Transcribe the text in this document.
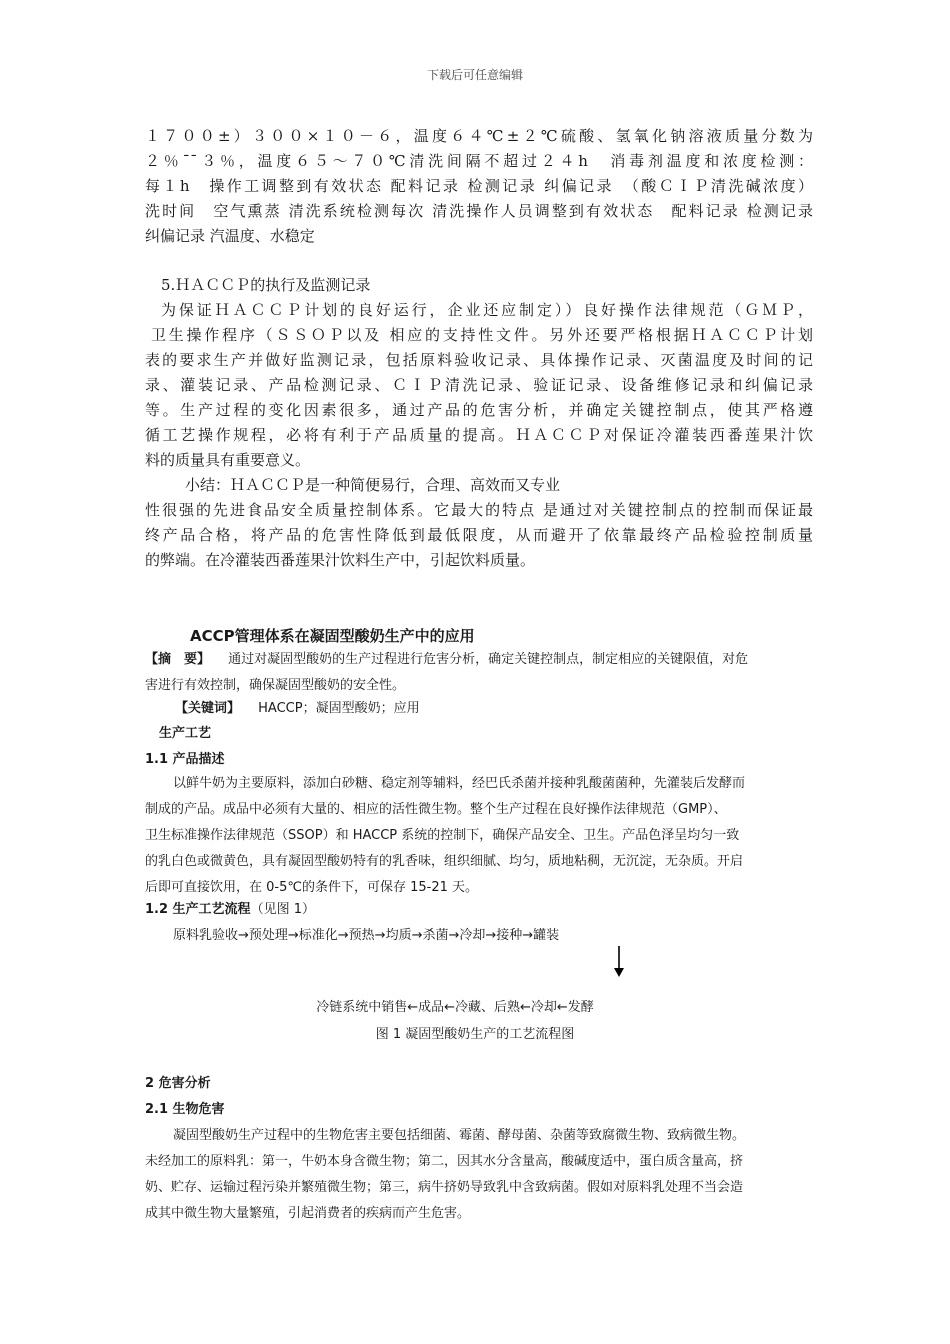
下载后可任意编辑
１７００±）３００×１０－６，温度６４℃±２℃硫酸、氢氧化钠溶液质量分数为
２％¯¯３％，温度６５～７０℃清洗间隔不超过２４h　消毒剂温度和浓度检测：
每１h　操作工调整到有效状态 配料记录 检测记录 纠偏记录　（酸ＣＩＰ清洗碱浓度）
洗时间　空气熏蒸 清洗系统检测每次 清洗操作人员调整到有效状态　配料记录 检测记录
纠偏记录 汽温度、水稳定
5.ＨＡＣＣＰ的执行及监测记录
为保证ＨＡＣＣＰ计划的良好运行，企业还应制定））良好操作法律规范（ＧＭＰ，
卫生操作程序（ＳＳＯＰ以及 相应的支持性文件。另外还要严格根据ＨＡＣＣＰ计划
表的要求生产并做好监测记录，包括原料验收记录、具体操作记录、灭菌温度及时间的记
录、灌装记录、产品检测记录、ＣＩＰ清洗记录、验证记录、设备维修记录和纠偏记录
等。生产过程的变化因素很多，通过产品的危害分析，并确定关键控制点，使其严格遵
循工艺操作规程，必将有利于产品质量的提高。ＨＡＣＣＰ对保证冷灌装西番莲果汁饮
料的质量具有重要意义。
小结：ＨＡＣＣＰ是一种简便易行，合理、高效而又专业
性很强的先进食品安全质量控制体系。它最大的特点 是通过对关键控制点的控制而保证最
终产品合格，将产品的危害性降低到最低限度，从而避开了依靠最终产品检验控制质量
的弊端。在冷灌装西番莲果汁饮料生产中，引起饮料质量。
ACCP管理体系在凝固型酸奶生产中的应用
【摘　要】 通过对凝固型酸奶的生产过程进行危害分析，确定关键控制点，制定相应的关键限值，对危
害进行有效控制，确保凝固型酸奶的安全性。
【关键词】 HACCP；凝固型酸奶；应用
生产工艺
1.1 产品描述
以鲜牛奶为主要原料，添加白砂糖、稳定剂等辅料，经巴氏杀菌并接种乳酸菌菌种，先灌装后发酵而
制成的产品。成品中必须有大量的、相应的活性微生物。整个生产过程在良好操作法律规范（GMP）、
卫生标准操作法律规范（SSOP）和 HACCP 系统的控制下，确保产品安全、卫生。产品色泽呈均匀一致
的乳白色或微黄色，具有凝固型酸奶特有的乳香味，组织细腻、均匀，质地粘稠，无沉淀，无杂质。开启
后即可直接饮用，在 0-5℃的条件下，可保存 15-21 天。
1.2 生产工艺流程（见图 1）
原料乳验收→预处理→标准化→预热→均质→杀菌→冷却→接种→罐装
冷链系统中销售←成品←冷藏、后熟←冷却←发酵
图 1 凝固型酸奶生产的工艺流程图
2 危害分析
2.1 生物危害
凝固型酸奶生产过程中的生物危害主要包括细菌、霉菌、酵母菌、杂菌等致腐微生物、致病微生物。
未经加工的原料乳：第一，牛奶本身含微生物；第二，因其水分含量高，酸碱度适中，蛋白质含量高，挤
奶、贮存、运输过程污染并繁殖微生物；第三，病牛挤奶导致乳中含致病菌。假如对原料乳处理不当会造
成其中微生物大量繁殖，引起消费者的疾病而产生危害。
